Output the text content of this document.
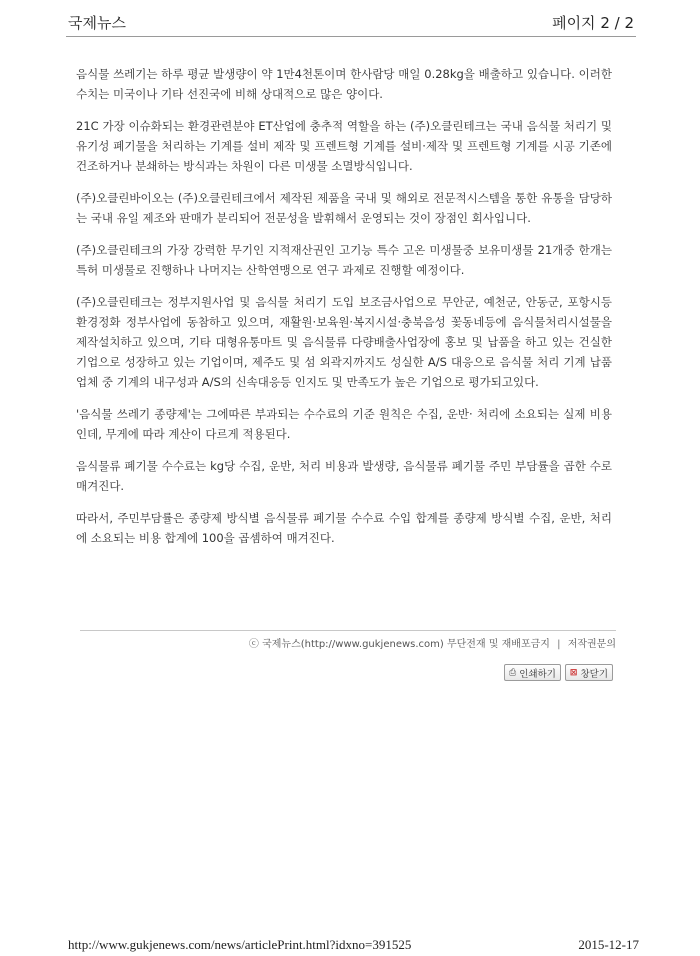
국제뉴스	페이지 2 / 2

음식물 쓰레기는 하루 평균 발생량이 약 1만4천톤이며 한사람당 매일 0.28kg을 배출하고 있습니다. 이러한 수치는 미국이나 기타 선진국에 비해 상대적으로 많은 양이다.

21C 가장 이슈화되는 환경관련분야 ET산업에 충추적 역할을 하는 (주)오클린테크는 국내 음식물 처리기 및 유기성 폐기물을 처리하는 기계를 설비 제작 및 프렌트형 기계를 설비·제작 및 프렌트형 기계를 시공 기존에 건조하거나 분쇄하는 방식과는 차원이 다른 미생물 소멸방식입니다.

(주)오클린바이오는 (주)오클린테크에서 제작된 제품을 국내 및 해외로 전문적시스템을 통한 유통을 담당하는 국내 유일 제조와 판매가 분리되어 전문성을 발휘해서 운영되는 것이 장점인 회사입니다.

(주)오클린테크의 가장 강력한 무기인 지적재산권인 고기능 특수 고온 미생물중 보유미생물 21개중 한개는 특허 미생물로 진행하나 나머지는 산학연맹으로 연구 과제로 진행할 예정이다.

(주)오클린테크는 정부지원사업 및 음식물 처리기 도입 보조금사업으로 무안군, 예천군, 안동군, 포항시등 환경정화 정부사업에 동참하고 있으며, 재활원·보육원·복지시설·충북음성 꽃동네등에 음식물처리시설물을 제작설치하고 있으며, 기타 대형유통마트 및 음식물류 다량배출사업장에 홍보 및 납품을 하고 있는 건실한 기업으로 성장하고 있는 기업이며, 제주도 및 섬 외곽지까지도 성실한 A/S 대응으로 음식물 처리 기계 납품업체 중 기계의 내구성과 A/S의 신속대응등 인지도 및 만족도가 높은 기업으로 평가되고있다.

'음식물 쓰레기 종량제'는 그에따른 부과되는 수수료의 기준 원칙은 수집, 운반· 처리에 소요되는 실제 비용인데, 무게에 따라 계산이 다르게 적용된다.

음식물류 폐기물 수수료는 kg당 수집, 운반, 처리 비용과 발생량, 음식물류 폐기물 주민 부담률을 곱한 수로 매겨진다.

따라서, 주민부담률은 종량제 방식별 음식물류 폐기물 수수료 수입 합계를 종량제 방식별 수집, 운반, 처리에 소요되는 비용 합계에 100을 곱셈하여 매겨진다.

ⓒ 국제뉴스(http://www.gukjenews.com) 무단전재 및 재배포금지 | 저작권문의
⎙ 인쇄하기 ⊠ 창닫기
http://www.gukjenews.com/news/articlePrint.html?idxno=391525	2015-12-17
